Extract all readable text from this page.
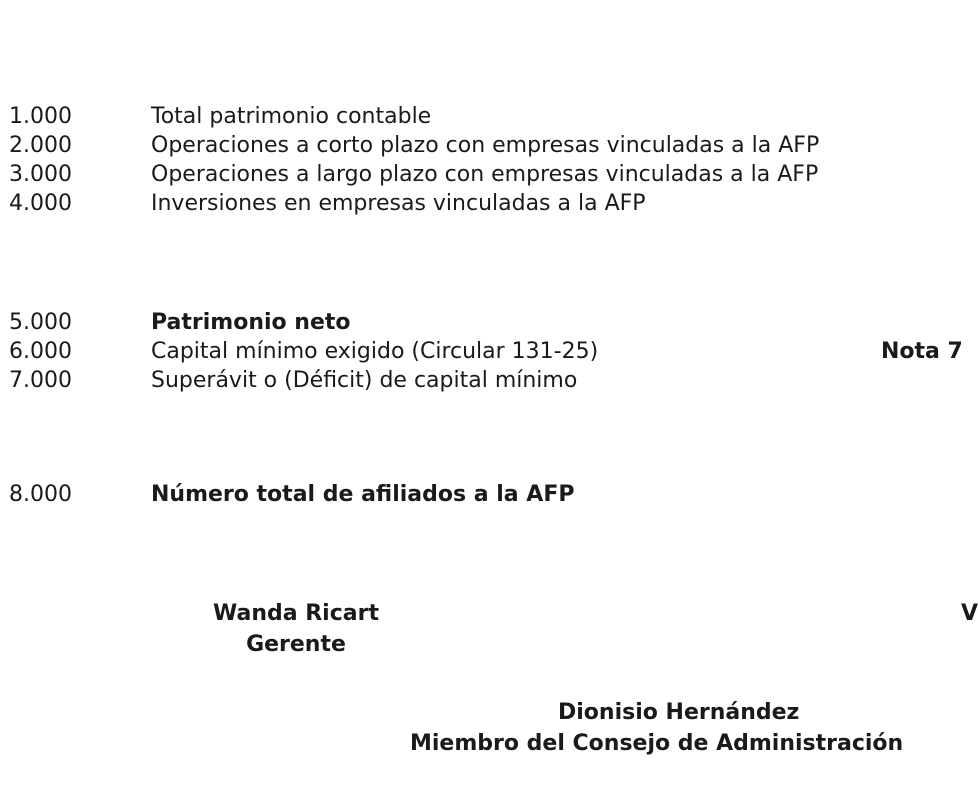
1.000	Total patrimonio contable
2.000	Operaciones a corto plazo con empresas vinculadas a la AFP
3.000	Operaciones a largo plazo con empresas vinculadas a la AFP
4.000	Inversiones en empresas vinculadas a la AFP
5.000	Patrimonio neto
6.000	Capital mínimo exigido (Circular 131-25)	Nota 7
7.000	Superávit o (Déficit) de capital mínimo
8.000	Número total de afiliados a la AFP
Wanda Ricart
Gerente
V
Dionisio Hernández
Miembro del Consejo de Administración
